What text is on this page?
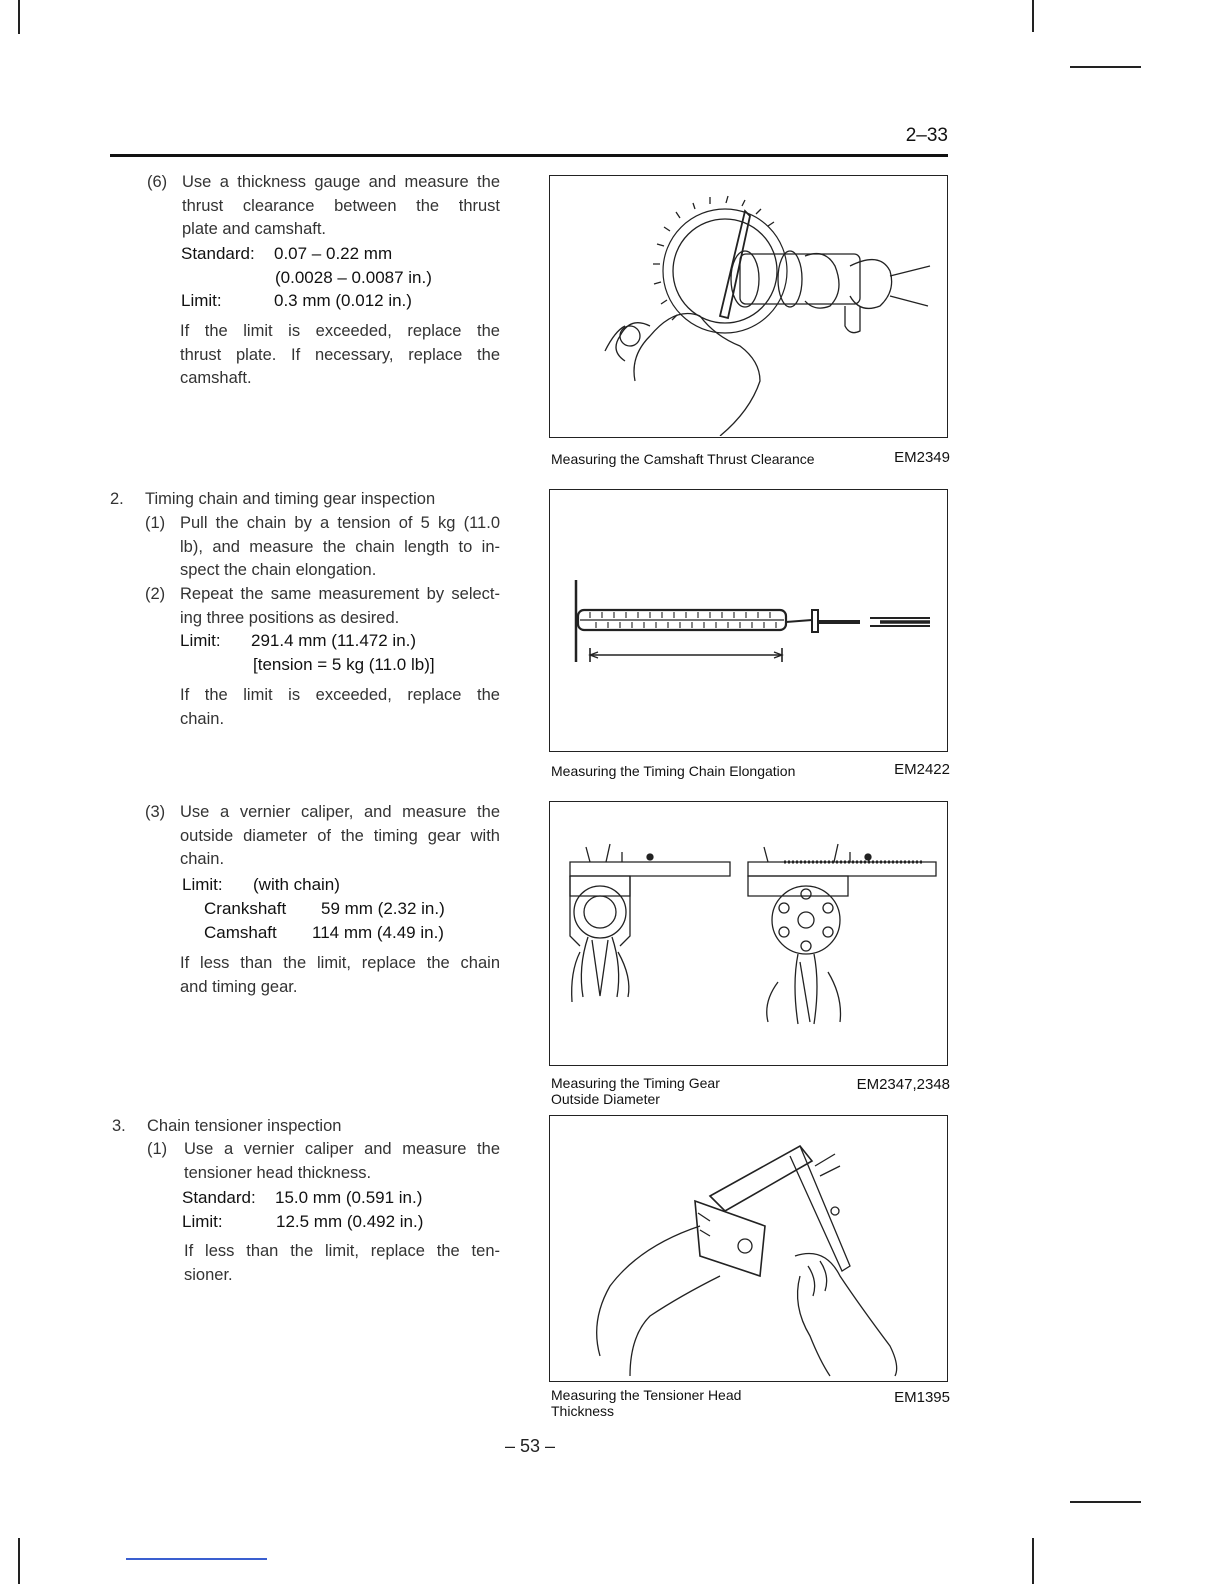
2–33
(6) Use a thickness gauge and measure the
thrust clearance between the thrust
plate and camshaft.
Standard: 0.07 – 0.22 mm
(0.0028 – 0.0087 in.)
Limit:	0.3 mm (0.012 in.)
If the limit is exceeded, replace the
thrust plate. If necessary, replace the
camshaft.
2. Timing chain and timing gear inspection
(1) Pull the chain by a tension of 5 kg (11.0
lb), and measure the chain length to in-
spect the chain elongation.
(2) Repeat the same measurement by select-
ing three positions as desired.
Limit: 291.4 mm (11.472 in.)
[tension = 5 kg (11.0 lb)]
If the limit is exceeded, replace the
chain.
(3) Use a vernier caliper, and measure the
outside diameter of the timing gear with
chain.
Limit: (with chain)
Crankshaft 59 mm (2.32 in.)
Camshaft 114 mm (4.49 in.)
If less than the limit, replace the chain
and timing gear.
3. Chain tensioner inspection
(1) Use a vernier caliper and measure the
tensioner head thickness.
Standard: 15.0 mm (0.591 in.)
Limit:	12.5 mm (0.492 in.)
If less than the limit, replace the ten-
sioner.
Measuring the Camshaft Thrust Clearance	EM2349
Measuring the Timing Chain Elongation	EM2422
Measuring the Timing Gear
Outside Diameter
EM2347,2348
Measuring the Tensioner Head
Thickness
EM1395
– 53 –
